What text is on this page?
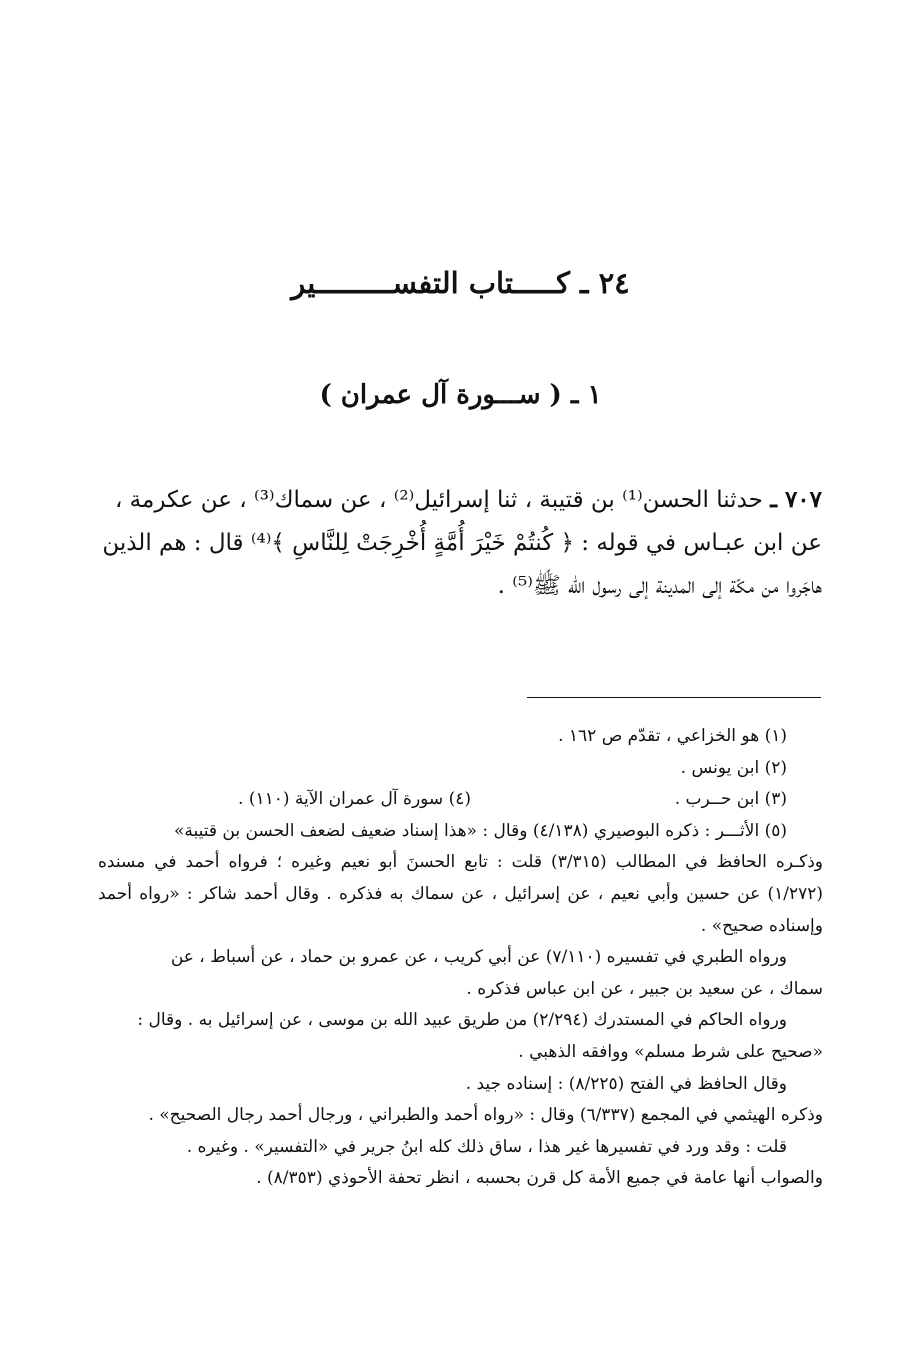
٢٤ ـ كـــــتاب التفســـــــــير
١ ـ ( ســـورة آل عمران )
٧٠٧ ـ حدثنا الحسن⁽¹⁾ بن قتيبة ، ثنا إسرائيل⁽²⁾ ، عن سماك⁽³⁾ ، عن عكرمة ،
عن ابن عبـاس في قوله : ﴿ كُنتُمْ خَيْرَ أُمَّةٍ أُخْرِجَتْ لِلنَّاسِ ﴾⁽⁴⁾ قال : هم الذين
هاجَروا من مكّة إلى المدينة إلى رسول الله ﷺ⁽⁵⁾ .
(١) هو الخزاعي ، تقدّم ص ١٦٢ .
(٢) ابن يونس .
(٣) ابن حــرب .
(٤) سورة آل عمران الآية (١١٠) .
(٥) الأثـــر : ذكره البوصيري (٤/١٣٨) وقال : «هذا إسناد ضعيف لضعف الحسن بن قتيبة»
وذكـره الحافظ في المطالب (٣/٣١٥) قلت : تابع الحسنَ أبو نعيم وغيره ؛ فرواه أحمد في مسنده
(١/٢٧٢) عن حسين وأبي نعيم ، عن إسرائيل ، عن سماك به فذكره . وقال أحمد شاكر : «رواه أحمد
وإسناده صحيح» .
ورواه الطبري في تفسيره (٧/١١٠) عن أبي كريب ، عن عمرو بن حماد ، عن أسباط ، عن
سماك ، عن سعيد بن جبير ، عن ابن عباس فذكره .
ورواه الحاكم في المستدرك (٢/٢٩٤) من طريق عبيد الله بن موسى ، عن إسرائيل به . وقال :
«صحيح على شرط مسلم» ووافقه الذهبي .
وقال الحافظ في الفتح (٨/٢٢٥) : إسناده جيد .
وذكره الهيثمي في المجمع (٦/٣٣٧) وقال : «رواه أحمد والطبراني ، ورجال أحمد رجال الصحيح» .
قلت : وقد ورد في تفسيرها غير هذا ، ساق ذلك كله ابنُ جرير في «التفسير» . وغيره .
والصواب أنها عامة في جميع الأمة كل قرن بحسبه ، انظر تحفة الأحوذي (٨/٣٥٣) .
